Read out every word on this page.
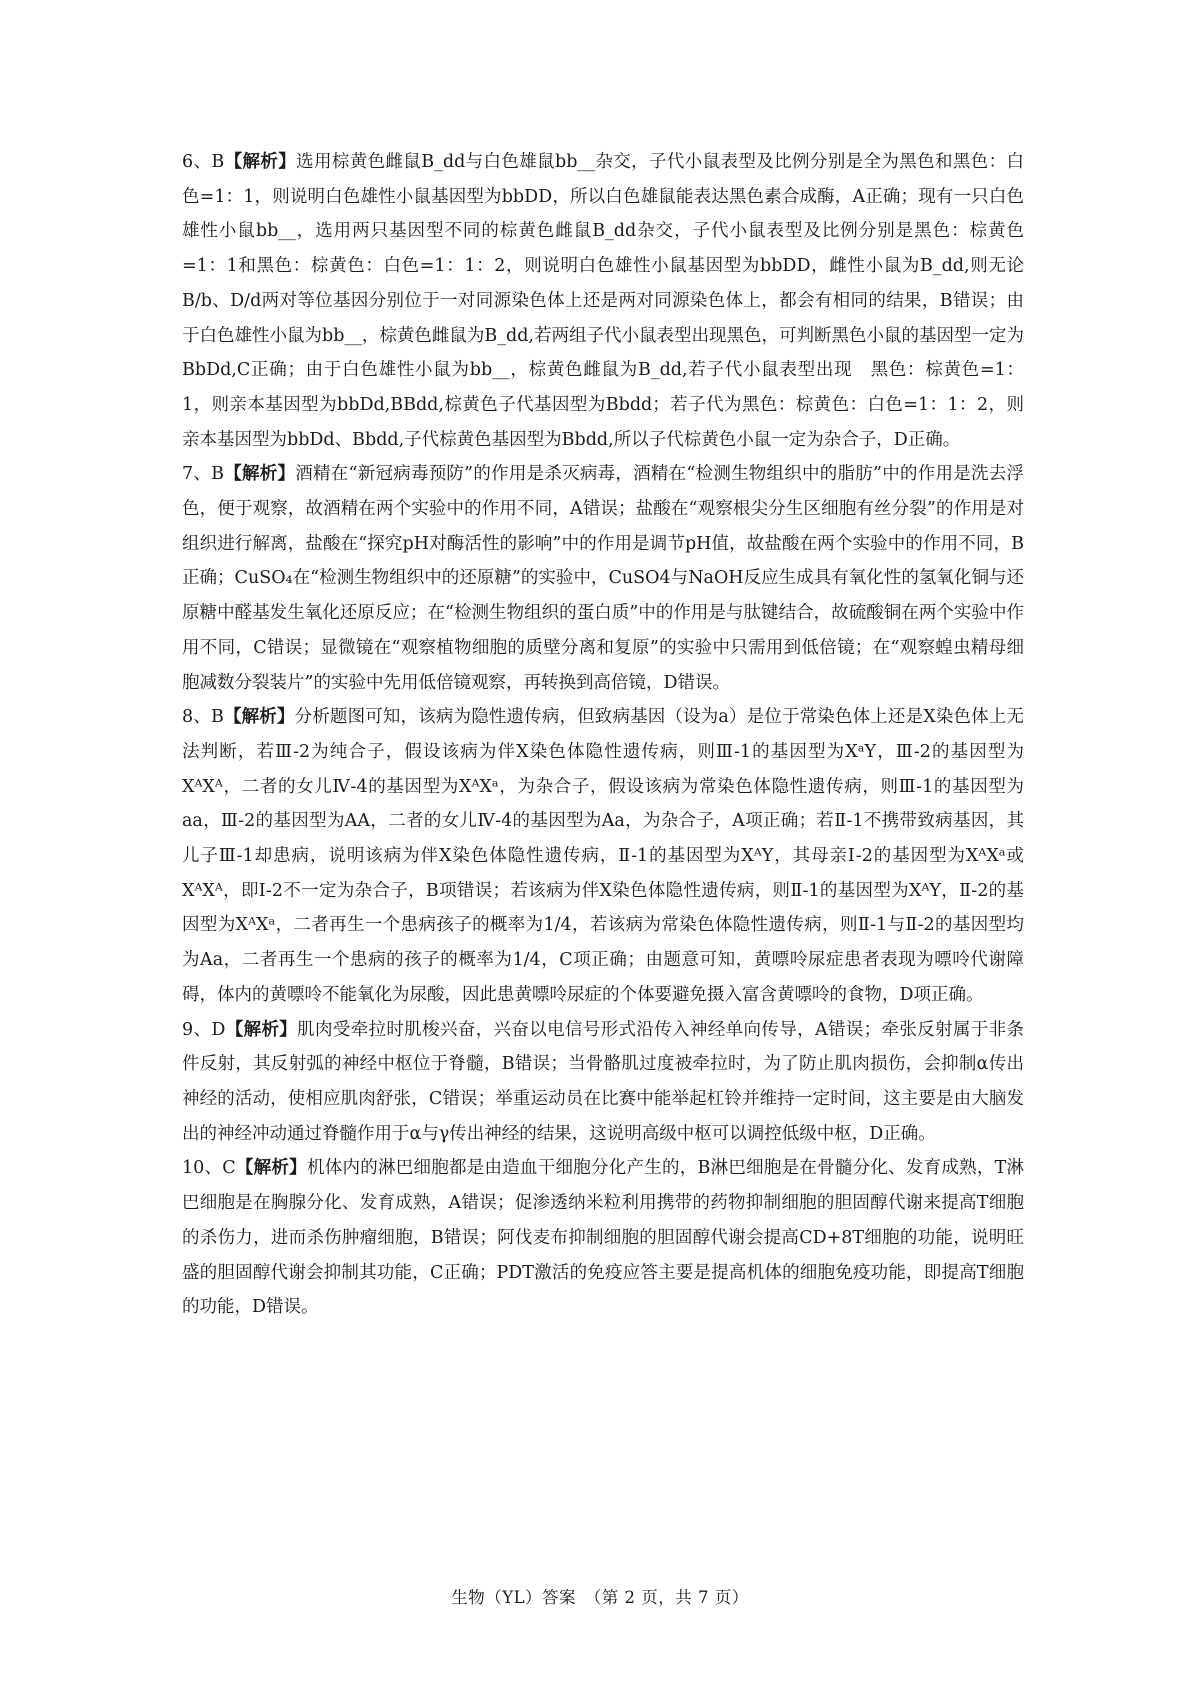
6、B【解析】选用棕黄色雌鼠B_dd与白色雄鼠bb__杂交，子代小鼠表型及比例分别是全为黑色和黑色：白色=1：1，则说明白色雄性小鼠基因型为bbDD，所以白色雄鼠能表达黑色素合成酶，A正确；现有一只白色雄性小鼠bb__，选用两只基因型不同的棕黄色雌鼠B_dd杂交，子代小鼠表型及比例分别是黑色：棕黄色=1：1和黑色：棕黄色：白色=1：1：2，则说明白色雄性小鼠基因型为bbDD，雌性小鼠为B_dd,则无论B/b、D/d两对等位基因分别位于一对同源染色体上还是两对同源染色体上，都会有相同的结果，B错误；由于白色雄性小鼠为bb__，棕黄色雌鼠为B_dd,若两组子代小鼠表型出现黑色，可判断黑色小鼠的基因型一定为BbDd,C正确；由于白色雄性小鼠为bb__，棕黄色雌鼠为B_dd,若子代小鼠表型出现　黑色：棕黄色=1：1，则亲本基因型为bbDd,BBdd,棕黄色子代基因型为Bbdd；若子代为黑色：棕黄色：白色=1：1：2，则亲本基因型为bbDd、Bbdd,子代棕黄色基因型为Bbdd,所以子代棕黄色小鼠一定为杂合子，D正确。

7、B【解析】酒精在“新冠病毒预防”的作用是杀灭病毒，酒精在“检测生物组织中的脂肪”中的作用是洗去浮色，便于观察，故酒精在两个实验中的作用不同，A错误；盐酸在“观察根尖分生区细胞有丝分裂”的作用是对组织进行解离，盐酸在“探究pH对酶活性的影响”中的作用是调节pH值，故盐酸在两个实验中的作用不同，B正确；CuSO₄在“检测生物组织中的还原糖”的实验中，CuSO4与NaOH反应生成具有氧化性的氢氧化铜与还原糖中醛基发生氧化还原反应；在“检测生物组织的蛋白质”中的作用是与肽键结合，故硫酸铜在两个实验中作用不同，C错误；显微镜在“观察植物细胞的质壁分离和复原”的实验中只需用到低倍镜；在“观察蝗虫精母细胞减数分裂装片”的实验中先用低倍镜观察，再转换到高倍镜，D错误。

8、B【解析】分析题图可知，该病为隐性遗传病，但致病基因（设为a）是位于常染色体上还是X染色体上无法判断，若Ⅲ-2为纯合子，假设该病为伴X染色体隐性遗传病，则Ⅲ-1的基因型为XᵃY，Ⅲ-2的基因型为XᴬXᴬ，二者的女儿Ⅳ-4的基因型为XᴬXᵃ，为杂合子，假设该病为常染色体隐性遗传病，则Ⅲ-1的基因型为aa，Ⅲ-2的基因型为AA，二者的女儿Ⅳ-4的基因型为Aa，为杂合子，A项正确；若Ⅱ-1不携带致病基因，其儿子Ⅲ-1却患病，说明该病为伴X染色体隐性遗传病，Ⅱ-1的基因型为XᴬY，其母亲Ⅰ-2的基因型为XᴬXᵃ或XᴬXᴬ，即Ⅰ-2不一定为杂合子，B项错误；若该病为伴X染色体隐性遗传病，则Ⅱ-1的基因型为XᴬY，Ⅱ-2的基因型为XᴬXᵃ，二者再生一个患病孩子的概率为1/4，若该病为常染色体隐性遗传病，则Ⅱ-1与Ⅱ-2的基因型均为Aa，二者再生一个患病的孩子的概率为1/4，C项正确；由题意可知，黄嘌呤尿症患者表现为嘌呤代谢障碍，体内的黄嘌呤不能氧化为尿酸，因此患黄嘌呤尿症的个体要避免摄入富含黄嘌呤的食物，D项正确。

9、D【解析】肌肉受牵拉时肌梭兴奋，兴奋以电信号形式沿传入神经单向传导，A错误；牵张反射属于非条件反射，其反射弧的神经中枢位于脊髓，B错误；当骨骼肌过度被牵拉时，为了防止肌肉损伤，会抑制α传出神经的活动，使相应肌肉舒张，C错误；举重运动员在比赛中能举起杠铃并维持一定时间，这主要是由大脑发出的神经冲动通过脊髓作用于α与γ传出神经的结果，这说明高级中枢可以调控低级中枢，D正确。

10、C【解析】机体内的淋巴细胞都是由造血干细胞分化产生的，B淋巴细胞是在骨髓分化、发育成熟，T淋巴细胞是在胸腺分化、发育成熟，A错误；促渗透纳米粒利用携带的药物抑制细胞的胆固醇代谢来提高T细胞的杀伤力，进而杀伤肿瘤细胞，B错误；阿伐麦布抑制细胞的胆固醇代谢会提高CD+8T细胞的功能，说明旺盛的胆固醇代谢会抑制其功能，C正确；PDT激活的免疫应答主要是提高机体的细胞免疫功能，即提高T细胞的功能，D错误。

生物（YL）答案　（第 2 页，共 7 页）
